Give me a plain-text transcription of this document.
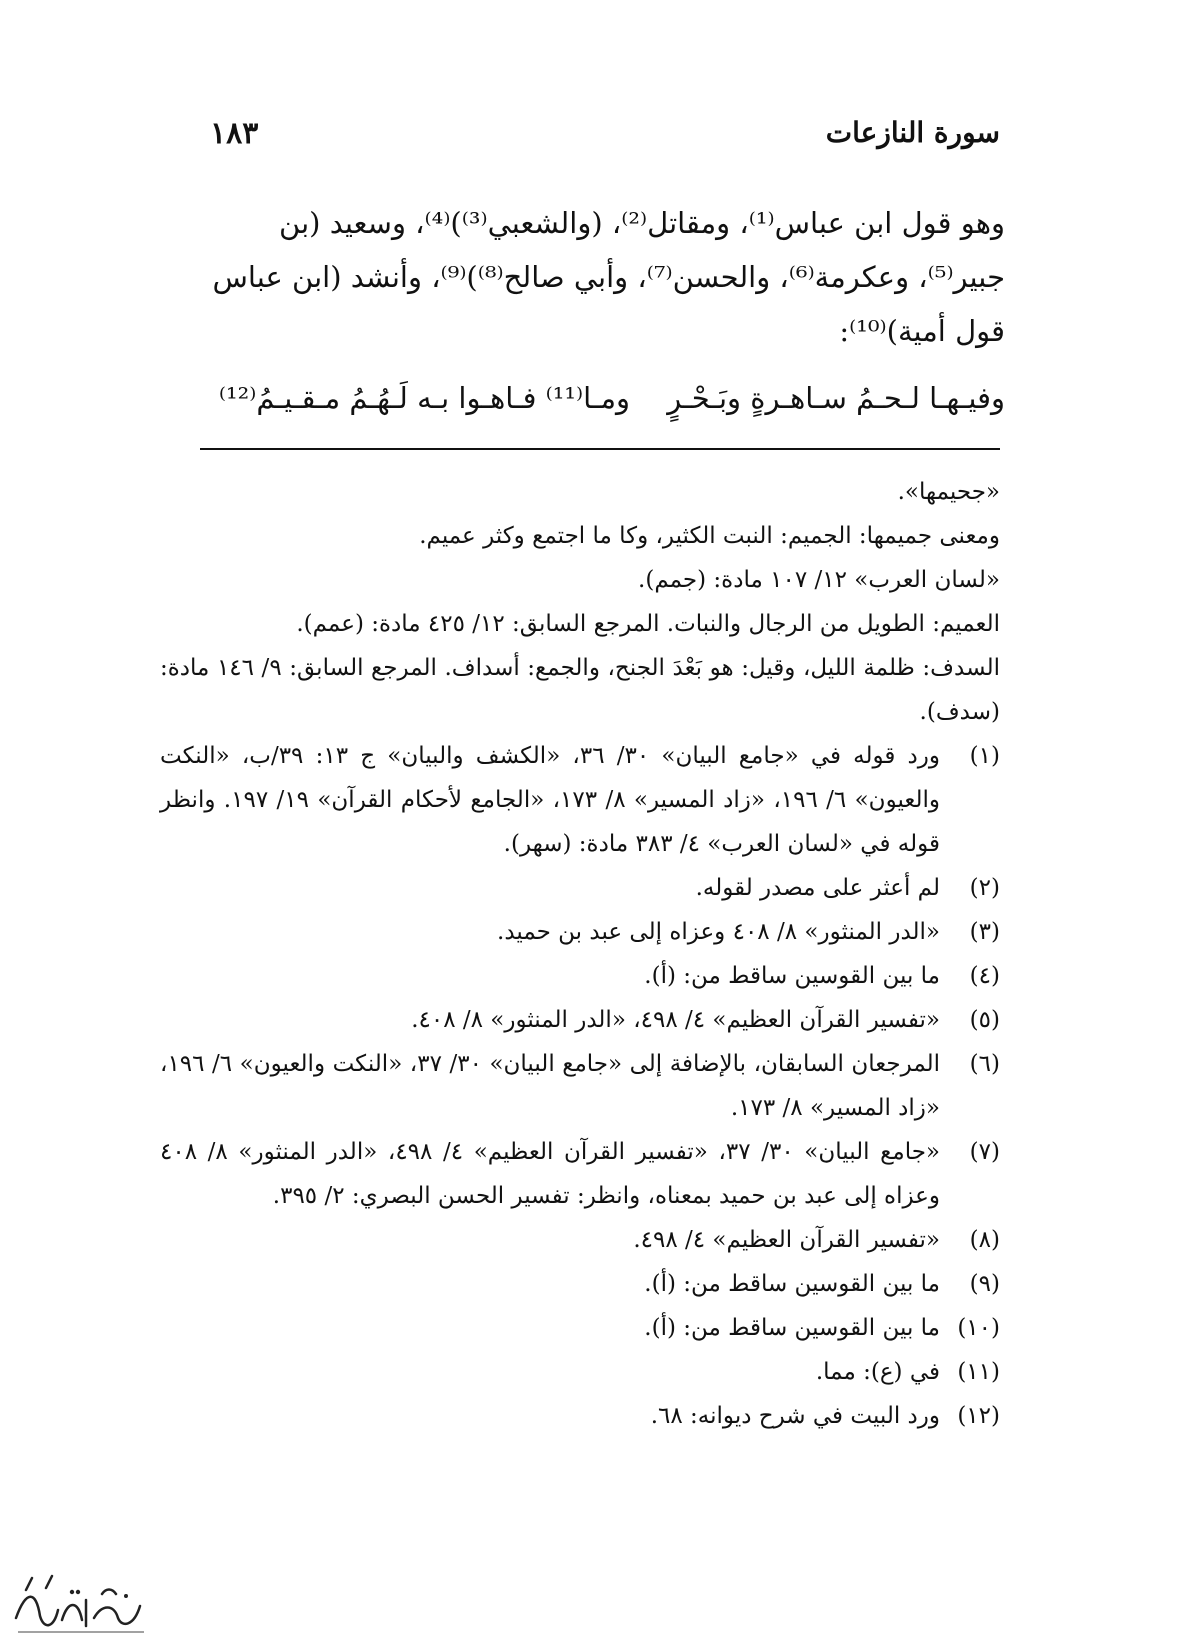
سورة النازعات
١٨٣

وهو قول ابن عباس⁽¹⁾، ومقاتل⁽²⁾، (والشعبي⁽³⁾)⁽⁴⁾، وسعيد (بن

جبير⁽⁵⁾، وعكرمة⁽⁶⁾، والحسن⁽⁷⁾، وأبي صالح⁽⁸⁾)⁽⁹⁾، وأنشد (ابن عباس

قول أمية)⁽¹⁰⁾:

وفيـهـا لـحـمُ سـاهـرةٍ وبَـحْـرٍ ومـا⁽¹¹⁾ فـاهـوا بـه لَـهُـمُ مـقـيـمُ⁽¹²⁾

«جحيمها».

ومعنى جميمها: الجميم: النبت الكثير، وكا ما اجتمع وكثر عميم.

«لسان العرب» ١٢/ ١٠٧ مادة: (جمم).

العميم: الطويل من الرجال والنبات. المرجع السابق: ١٢/ ٤٢٥ مادة: (عمم).

السدف: ظلمة الليل، وقيل: هو بَعْدَ الجنح، والجمع: أسداف. المرجع السابق: ٩/ ١٤٦ مادة: (سدف).

(١)
ورد قوله في «جامع البيان» ٣٠/ ٣٦، «الكشف والبيان» ج ١٣: ٣٩/ب، «النكت والعيون» ٦/ ١٩٦، «زاد المسير» ٨/ ١٧٣، «الجامع لأحكام القرآن» ١٩/ ١٩٧. وانظر قوله في «لسان العرب» ٤/ ٣٨٣ مادة: (سهر).
(٢)
لم أعثر على مصدر لقوله.
(٣)
«الدر المنثور» ٨/ ٤٠٨ وعزاه إلى عبد بن حميد.
(٤)
ما بين القوسين ساقط من: (أ).
(٥)
«تفسير القرآن العظيم» ٤/ ٤٩٨، «الدر المنثور» ٨/ ٤٠٨.
(٦)
المرجعان السابقان، بالإضافة إلى «جامع البيان» ٣٠/ ٣٧، «النكت والعيون» ٦/ ١٩٦، «زاد المسير» ٨/ ١٧٣.
(٧)
«جامع البيان» ٣٠/ ٣٧، «تفسير القرآن العظيم» ٤/ ٤٩٨، «الدر المنثور» ٨/ ٤٠٨ وعزاه إلى عبد بن حميد بمعناه، وانظر: تفسير الحسن البصري: ٢/ ٣٩٥.
(٨)
«تفسير القرآن العظيم» ٤/ ٤٩٨.
(٩)
ما بين القوسين ساقط من: (أ).
(١٠)
ما بين القوسين ساقط من: (أ).
(١١)
في (ع): مما.
(١٢)
ورد البيت في شرح ديوانه: ٦٨.
